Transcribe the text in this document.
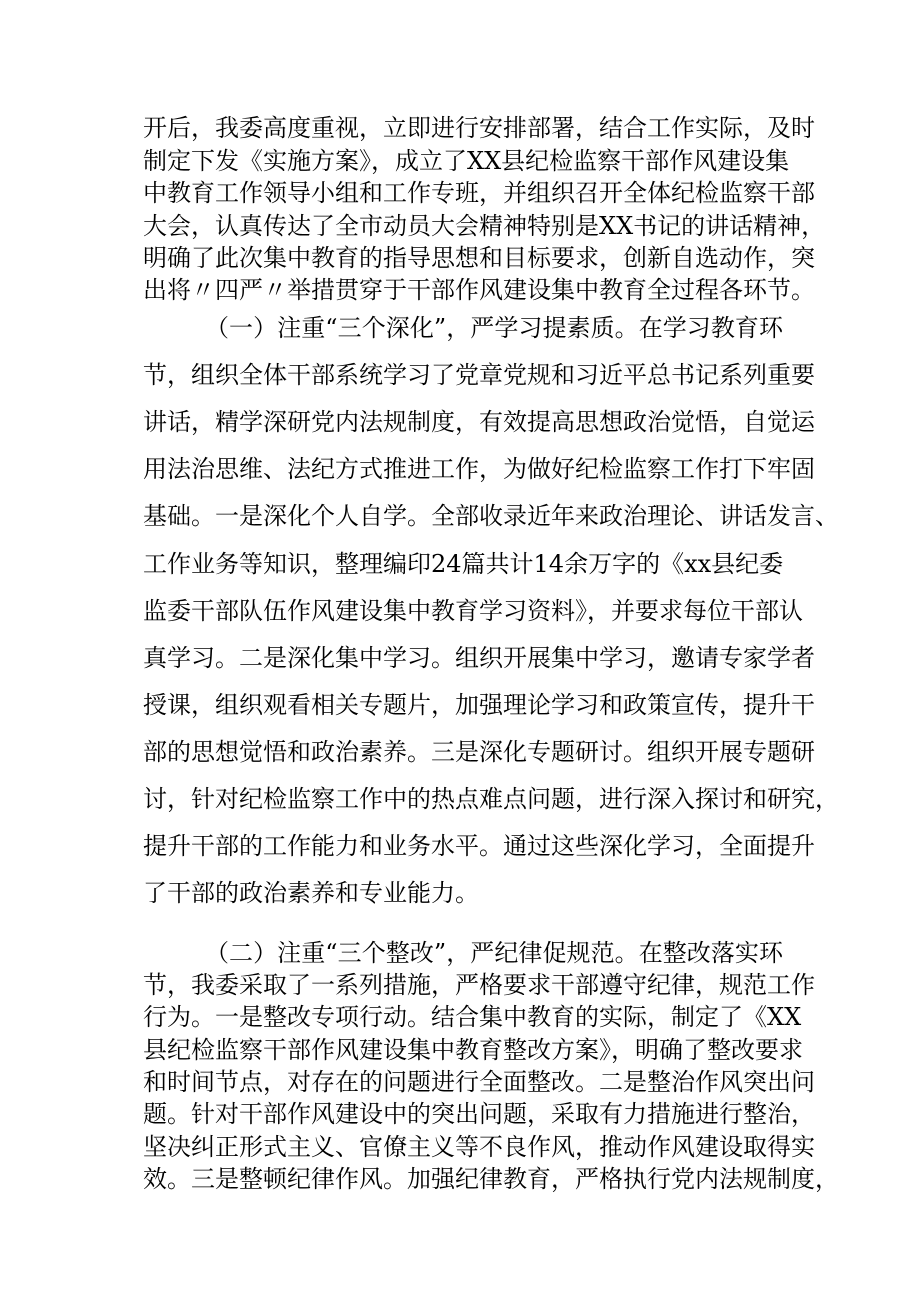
开后，我委高度重视，立即进行安排部署，结合工作实际，及时
制定下发《实施方案》，成立了XX县纪检监察干部作风建设集
中教育工作领导小组和工作专班，并组织召开全体纪检监察干部
大会，认真传达了全市动员大会精神特别是XX书记的讲话精神，
明确了此次集中教育的指导思想和目标要求，创新自选动作，突
出将〃四严〃举措贯穿于干部作风建设集中教育全过程各环节。
（一）注重“三个深化”，严学习提素质。在学习教育环
节，组织全体干部系统学习了党章党规和习近平总书记系列重要
讲话，精学深研党内法规制度，有效提高思想政治觉悟，自觉运
用法治思维、法纪方式推进工作，为做好纪检监察工作打下牢固
基础。一是深化个人自学。全部收录近年来政治理论、讲话发言、
工作业务等知识，整理编印24篇共计14余万字的《xx县纪委
监委干部队伍作风建设集中教育学习资料》，并要求每位干部认
真学习。二是深化集中学习。组织开展集中学习，邀请专家学者
授课，组织观看相关专题片，加强理论学习和政策宣传，提升干
部的思想觉悟和政治素养。三是深化专题研讨。组织开展专题研
讨，针对纪检监察工作中的热点难点问题，进行深入探讨和研究，
提升干部的工作能力和业务水平。通过这些深化学习，全面提升
了干部的政治素养和专业能力。
（二）注重“三个整改”，严纪律促规范。在整改落实环
节，我委采取了一系列措施，严格要求干部遵守纪律，规范工作
行为。一是整改专项行动。结合集中教育的实际，制定了《XX
县纪检监察干部作风建设集中教育整改方案》，明确了整改要求
和时间节点，对存在的问题进行全面整改。二是整治作风突出问
题。针对干部作风建设中的突出问题，采取有力措施进行整治，
坚决纠正形式主义、官僚主义等不良作风，推动作风建设取得实
效。三是整顿纪律作风。加强纪律教育，严格执行党内法规制度，
